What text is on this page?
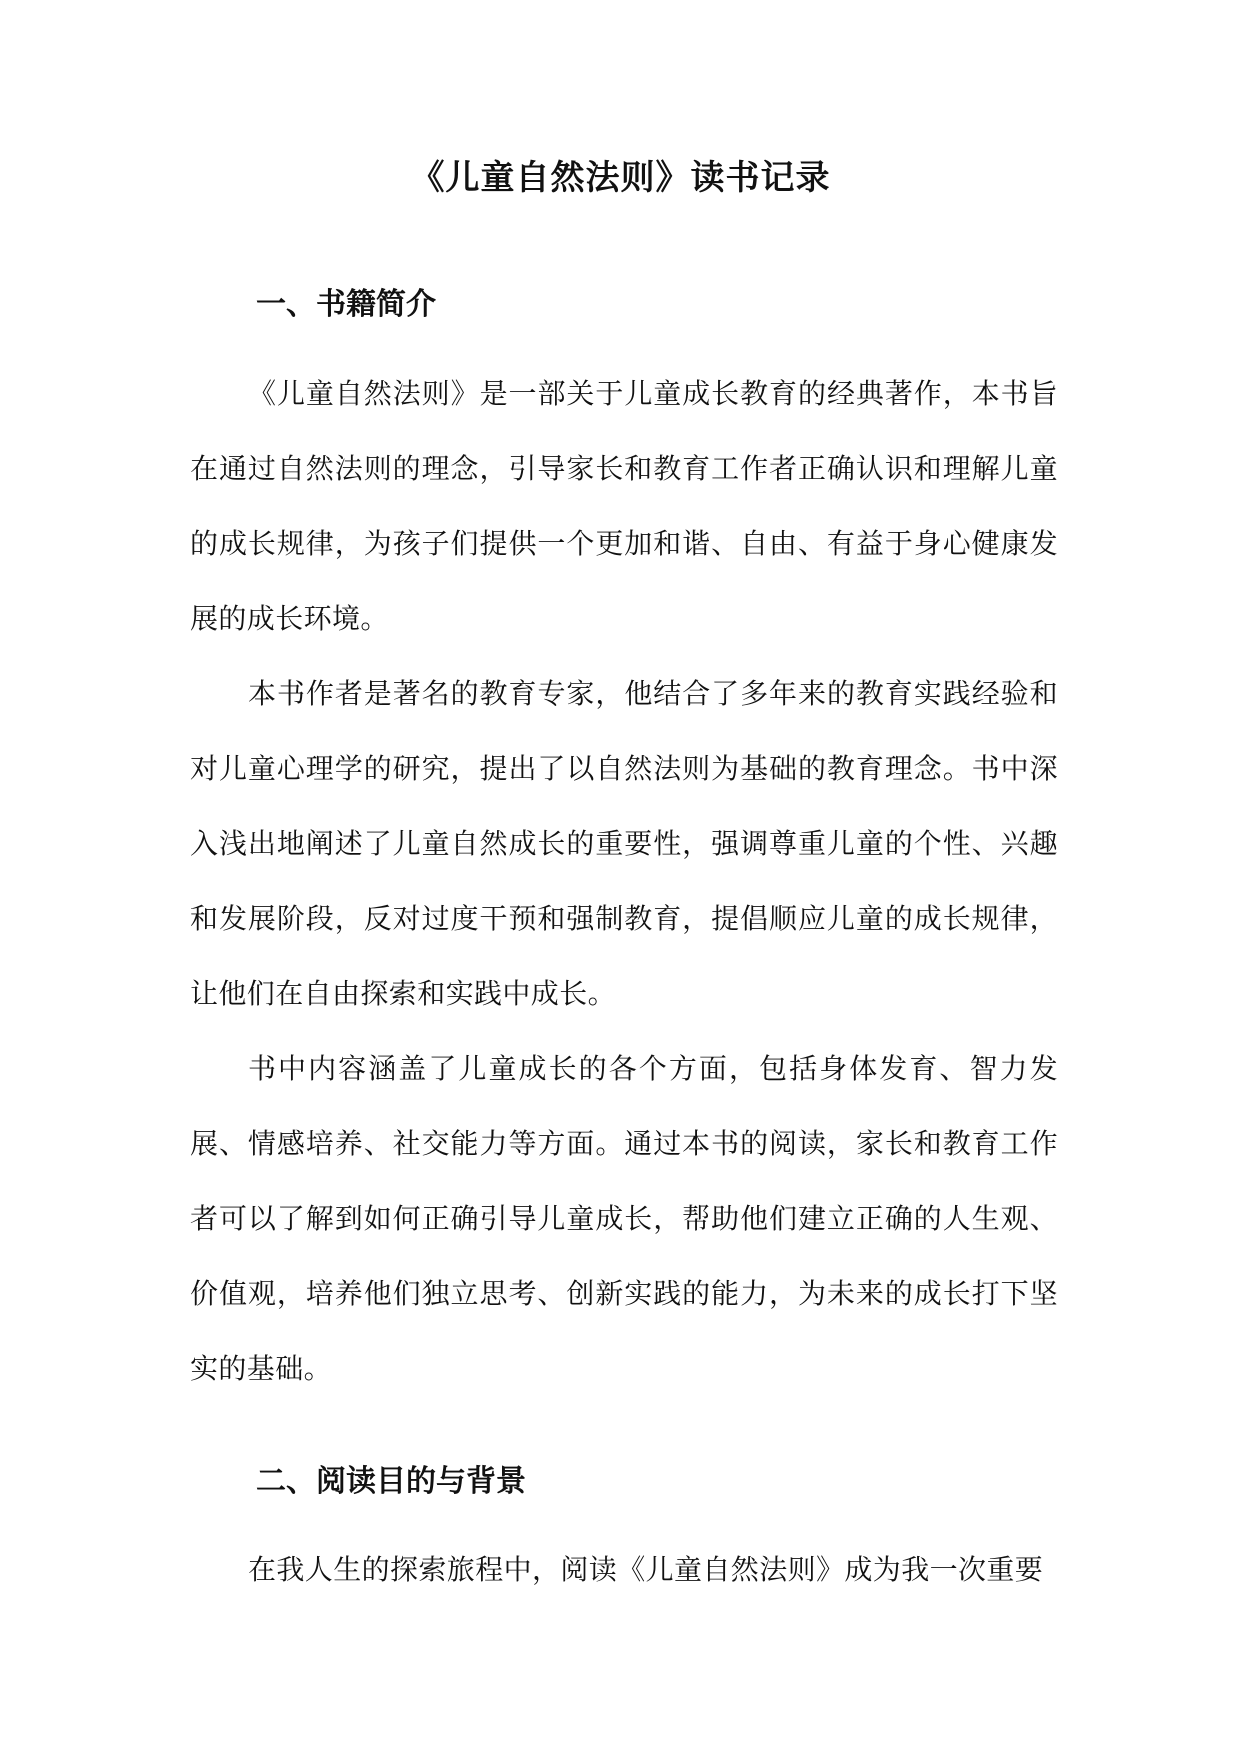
《儿童自然法则》读书记录
一、书籍简介

《儿童自然法则》是一部关于儿童成长教育的经典著作，本书旨在通过自然法则的理念，引导家长和教育工作者正确认识和理解儿童的成长规律，为孩子们提供一个更加和谐、自由、有益于身心健康发展的成长环境。

本书作者是著名的教育专家，他结合了多年来的教育实践经验和对儿童心理学的研究，提出了以自然法则为基础的教育理念。书中深入浅出地阐述了儿童自然成长的重要性，强调尊重儿童的个性、兴趣和发展阶段，反对过度干预和强制教育，提倡顺应儿童的成长规律，让他们在自由探索和实践中成长。

书中内容涵盖了儿童成长的各个方面，包括身体发育、智力发展、情感培养、社交能力等方面。通过本书的阅读，家长和教育工作者可以了解到如何正确引导儿童成长，帮助他们建立正确的人生观、价值观，培养他们独立思考、创新实践的能力，为未来的成长打下坚实的基础。

二、阅读目的与背景

在我人生的探索旅程中，阅读《儿童自然法则》成为我一次重要
